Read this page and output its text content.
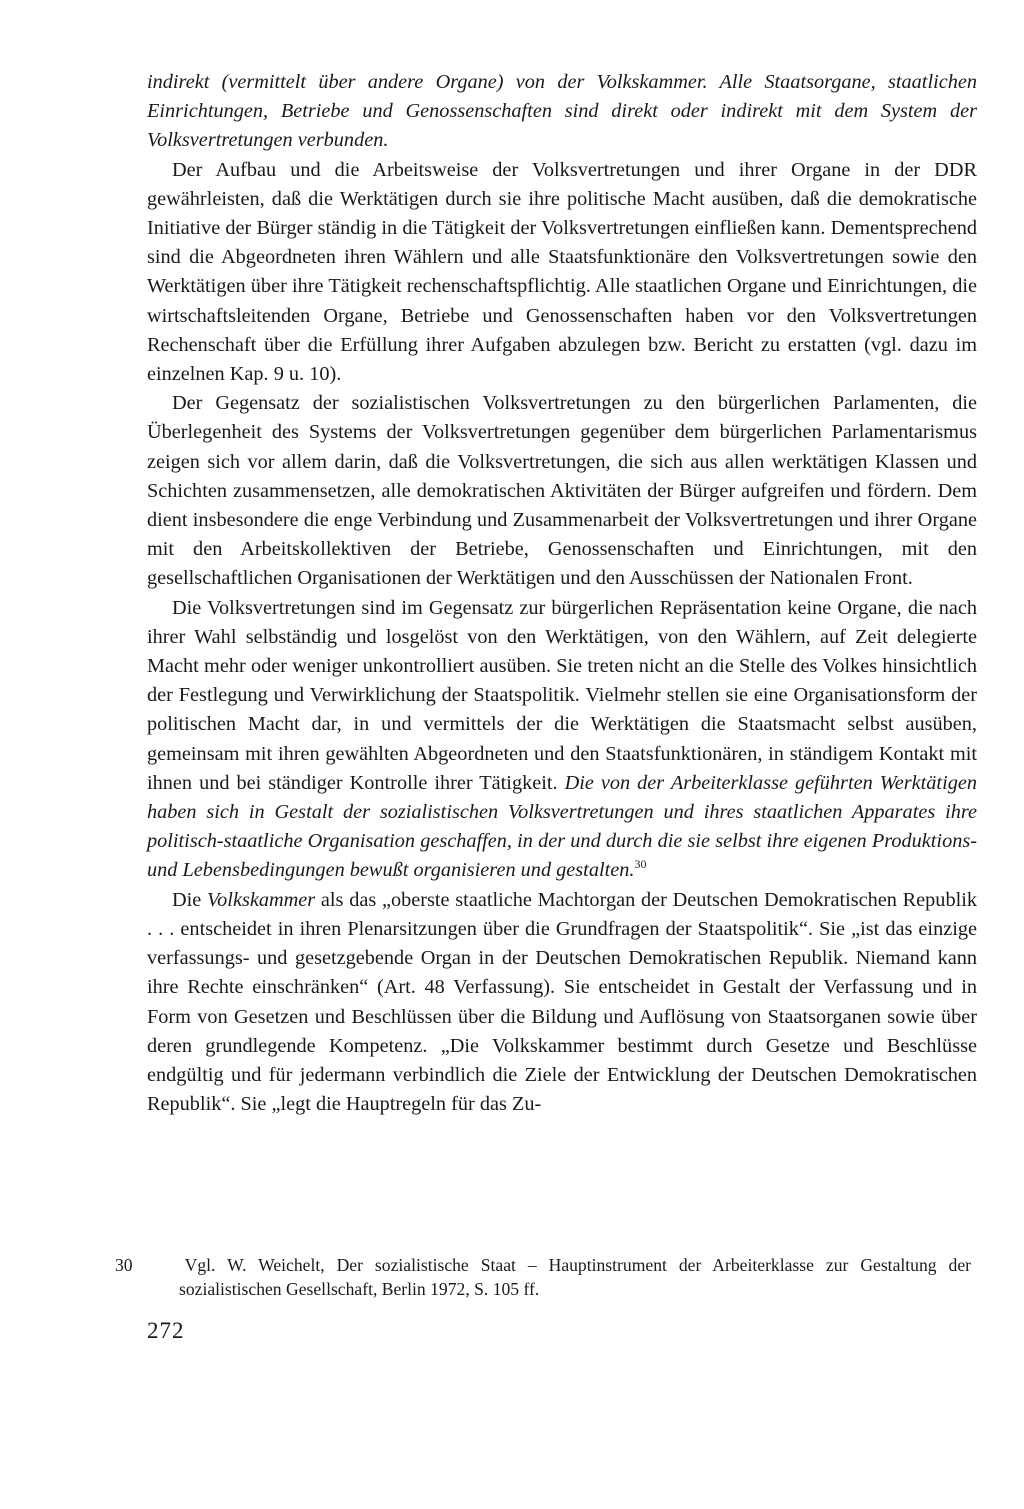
indirekt (vermittelt über andere Organe) von der Volkskammer. Alle Staatsorgane, staatlichen Einrichtungen, Betriebe und Genossenschaften sind direkt oder indirekt mit dem System der Volksvertretungen verbunden.

Der Aufbau und die Arbeitsweise der Volksvertretungen und ihrer Organe in der DDR gewährleisten, daß die Werktätigen durch sie ihre politische Macht ausüben, daß die demokratische Initiative der Bürger ständig in die Tätigkeit der Volksvertretungen einfließen kann. Dementsprechend sind die Abgeordneten ihren Wählern und alle Staatsfunktionäre den Volksvertretungen sowie den Werktätigen über ihre Tätigkeit rechenschaftspflichtig. Alle staatlichen Organe und Einrichtungen, die wirtschaftsleitenden Organe, Betriebe und Genossenschaften haben vor den Volksvertretungen Rechenschaft über die Erfüllung ihrer Aufgaben abzulegen bzw. Bericht zu erstatten (vgl. dazu im einzelnen Kap. 9 u. 10).

Der Gegensatz der sozialistischen Volksvertretungen zu den bürgerlichen Parlamenten, die Überlegenheit des Systems der Volksvertretungen gegenüber dem bürgerlichen Parlamentarismus zeigen sich vor allem darin, daß die Volksvertretungen, die sich aus allen werktätigen Klassen und Schichten zusammensetzen, alle demokratischen Aktivitäten der Bürger aufgreifen und fördern. Dem dient insbesondere die enge Verbindung und Zusammenarbeit der Volksvertretungen und ihrer Organe mit den Arbeitskollektiven der Betriebe, Genossenschaften und Einrichtungen, mit den gesellschaftlichen Organisationen der Werktätigen und den Ausschüssen der Nationalen Front.

Die Volksvertretungen sind im Gegensatz zur bürgerlichen Repräsentation keine Organe, die nach ihrer Wahl selbständig und losgelöst von den Werktätigen, von den Wählern, auf Zeit delegierte Macht mehr oder weniger unkontrolliert ausüben. Sie treten nicht an die Stelle des Volkes hinsichtlich der Festlegung und Verwirklichung der Staatspolitik. Vielmehr stellen sie eine Organisationsform der politischen Macht dar, in und vermittels der die Werktätigen die Staatsmacht selbst ausüben, gemeinsam mit ihren gewählten Abgeordneten und den Staatsfunktionären, in ständigem Kontakt mit ihnen und bei ständiger Kontrolle ihrer Tätigkeit. Die von der Arbeiterklasse geführten Werktätigen haben sich in Gestalt der sozialistischen Volksvertretungen und ihres staatlichen Apparates ihre politisch-staatliche Organisation geschaffen, in der und durch die sie selbst ihre eigenen Produktions- und Lebensbedingungen bewußt organisieren und gestalten.$^{30}$

Die Volkskammer als das „oberste staatliche Machtorgan der Deutschen Demokratischen Republik . . . entscheidet in ihren Plenarsitzungen über die Grundfragen der Staatspolitik“. Sie „ist das einzige verfassungs- und gesetzgebende Organ in der Deutschen Demokratischen Republik. Niemand kann ihre Rechte einschränken“ (Art. 48 Verfassung). Sie entscheidet in Gestalt der Verfassung und in Form von Gesetzen und Beschlüssen über die Bildung und Auflösung von Staatsorganen sowie über deren grundlegende Kompetenz. „Die Volkskammer bestimmt durch Gesetze und Beschlüsse endgültig und für jedermann verbindlich die Ziele der Entwicklung der Deutschen Demokratischen Republik“. Sie „legt die Hauptregeln für das Zu-

30	Vgl. W. Weichelt, Der sozialistische Staat – Hauptinstrument der Arbeiterklasse zur Gestaltung der sozialistischen Gesellschaft, Berlin 1972, S. 105 ff.
272
